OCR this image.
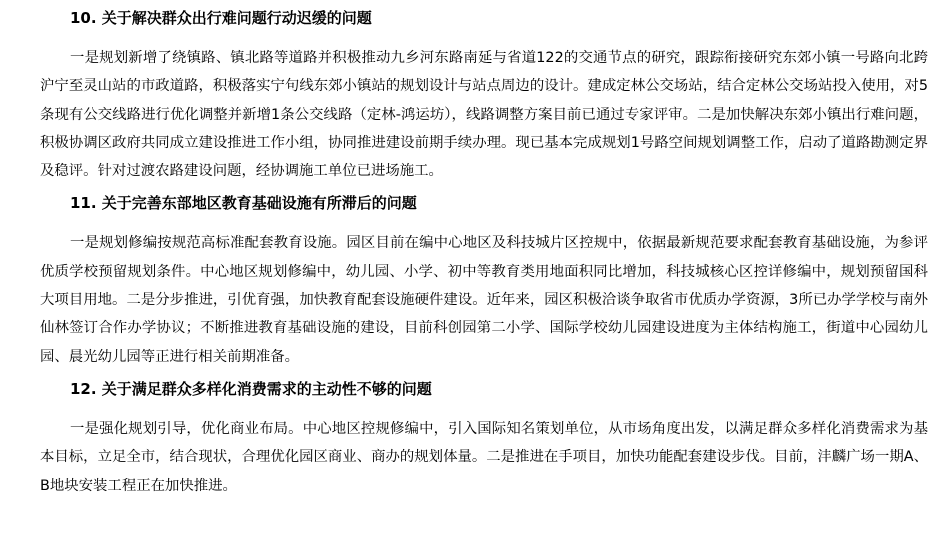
10. 关于解决群众出行难问题行动迟缓的问题

一是规划新增了绕镇路、镇北路等道路并积极推动九乡河东路南延与省道122的交通节点的研究，跟踪衔接研究东郊小镇一号路向北跨沪宁至灵山站的市政道路，积极落实宁句线东郊小镇站的规划设计与站点周边的设计。建成定林公交场站，结合定林公交场站投入使用，对5条现有公交线路进行优化调整并新增1条公交线路（定林-鸿运坊），线路调整方案目前已通过专家评审。二是加快解决东郊小镇出行难问题，积极协调区政府共同成立建设推进工作小组，协同推进建设前期手续办理。现已基本完成规划1号路空间规划调整工作，启动了道路勘测定界及稳评。针对过渡农路建设问题，经协调施工单位已进场施工。

11. 关于完善东部地区教育基础设施有所滞后的问题

一是规划修编按规范高标准配套教育设施。园区目前在编中心地区及科技城片区控规中，依据最新规范要求配套教育基础设施，为参评优质学校预留规划条件。中心地区规划修编中，幼儿园、小学、初中等教育类用地面积同比增加，科技城核心区控详修编中，规划预留国科大项目用地。二是分步推进，引优育强，加快教育配套设施硬件建设。近年来，园区积极洽谈争取省市优质办学资源，3所已办学学校与南外仙林签订合作办学协议；不断推进教育基础设施的建设，目前科创园第二小学、国际学校幼儿园建设进度为主体结构施工，街道中心园幼儿园、晨光幼儿园等正进行相关前期准备。

12. 关于满足群众多样化消费需求的主动性不够的问题

一是强化规划引导，优化商业布局。中心地区控规修编中，引入国际知名策划单位，从市场角度出发，以满足群众多样化消费需求为基本目标，立足全市，结合现状，合理优化园区商业、商办的规划体量。二是推进在手项目，加快功能配套建设步伐。目前，沣麟广场一期A、B地块安装工程正在加快推进。
